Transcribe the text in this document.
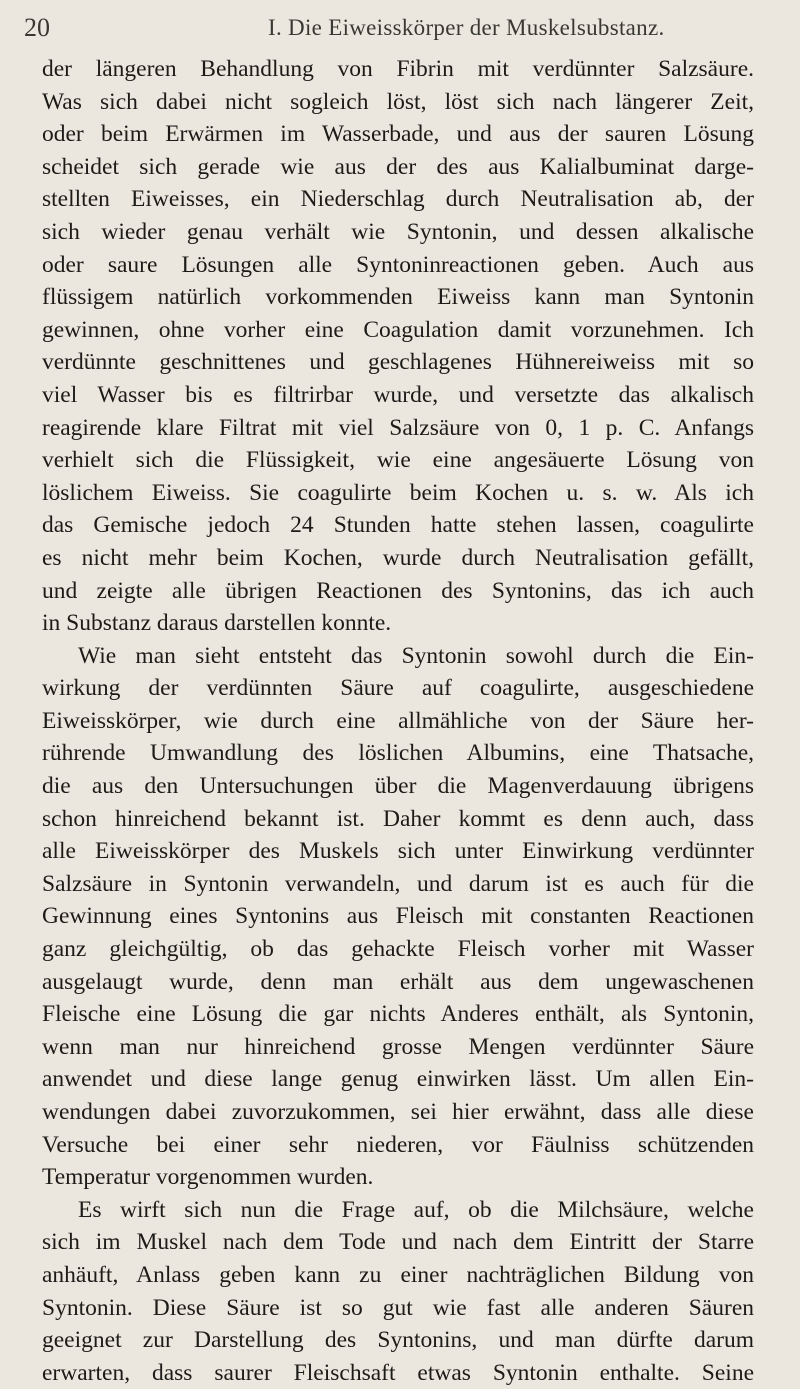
20	I. Die Eiweisskörper der Muskelsubstanz.
der längeren Behandlung von Fibrin mit verdünnter Salzsäure.
Was sich dabei nicht sogleich löst, löst sich nach längerer Zeit,
oder beim Erwärmen im Wasserbade, und aus der sauren Lösung
scheidet sich gerade wie aus der des aus Kalialbuminat darge-
stellten Eiweisses, ein Niederschlag durch Neutralisation ab, der
sich wieder genau verhält wie Syntonin, und dessen alkalische
oder saure Lösungen alle Syntoninreactionen geben. Auch aus
flüssigem natürlich vorkommenden Eiweiss kann man Syntonin
gewinnen, ohne vorher eine Coagulation damit vorzunehmen. Ich
verdünnte geschnittenes und geschlagenes Hühnereiweiss mit so
viel Wasser bis es filtrirbar wurde, und versetzte das alkalisch
reagirende klare Filtrat mit viel Salzsäure von 0, 1 p. C. Anfangs
verhielt sich die Flüssigkeit, wie eine angesäuerte Lösung von
löslichem Eiweiss. Sie coagulirte beim Kochen u. s. w. Als ich
das Gemische jedoch 24 Stunden hatte stehen lassen, coagulirte
es nicht mehr beim Kochen, wurde durch Neutralisation gefällt,
und zeigte alle übrigen Reactionen des Syntonins, das ich auch
in Substanz daraus darstellen konnte.
Wie man sieht entsteht das Syntonin sowohl durch die Ein-
wirkung der verdünnten Säure auf coagulirte, ausgeschiedene
Eiweisskörper, wie durch eine allmähliche von der Säure her-
rührende Umwandlung des löslichen Albumins, eine Thatsache,
die aus den Untersuchungen über die Magenverdauung übrigens
schon hinreichend bekannt ist. Daher kommt es denn auch, dass
alle Eiweisskörper des Muskels sich unter Einwirkung verdünnter
Salzsäure in Syntonin verwandeln, und darum ist es auch für die
Gewinnung eines Syntonins aus Fleisch mit constanten Reactionen
ganz gleichgültig, ob das gehackte Fleisch vorher mit Wasser
ausgelaugt wurde, denn man erhält aus dem ungewaschenen
Fleische eine Lösung die gar nichts Anderes enthält, als Syntonin,
wenn man nur hinreichend grosse Mengen verdünnter Säure
anwendet und diese lange genug einwirken lässt. Um allen Ein-
wendungen dabei zuvorzukommen, sei hier erwähnt, dass alle diese
Versuche bei einer sehr niederen, vor Fäulniss schützenden
Temperatur vorgenommen wurden.
Es wirft sich nun die Frage auf, ob die Milchsäure, welche
sich im Muskel nach dem Tode und nach dem Eintritt der Starre
anhäuft, Anlass geben kann zu einer nachträglichen Bildung von
Syntonin. Diese Säure ist so gut wie fast alle anderen Säuren
geeignet zur Darstellung des Syntonins, und man dürfte darum
erwarten, dass saurer Fleischsaft etwas Syntonin enthalte. Seine
